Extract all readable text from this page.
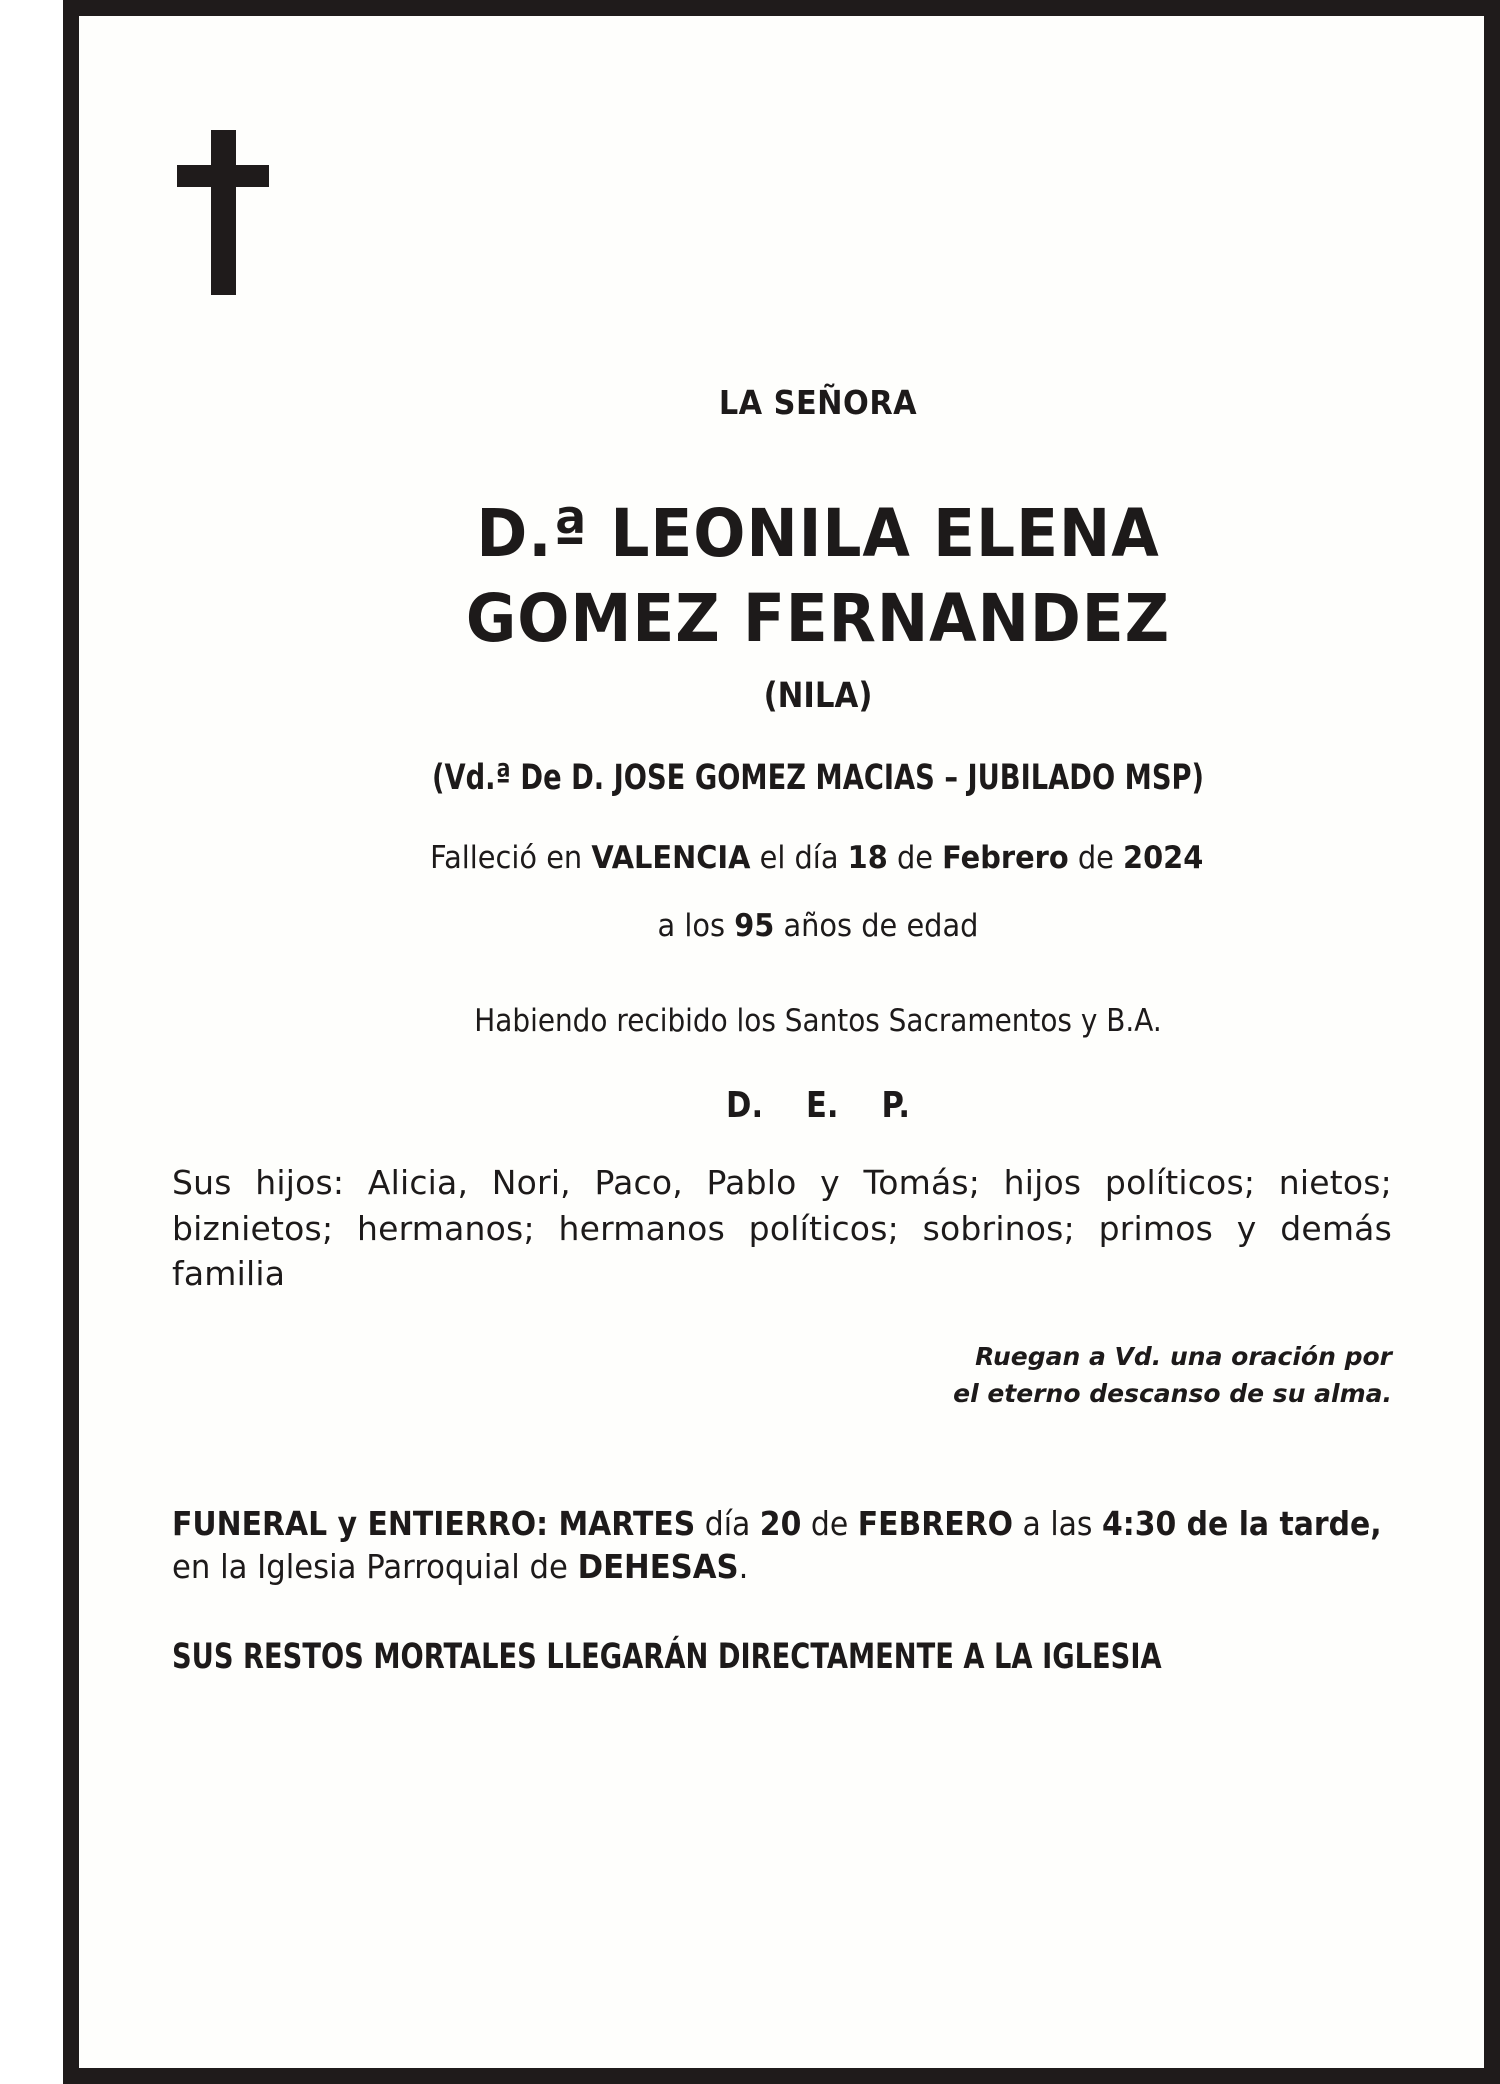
LA SEÑORA
D.ª LEONILA ELENA
GOMEZ FERNANDEZ
(NILA)
(Vd.ª De D. JOSE GOMEZ MACIAS – JUBILADO MSP)
Falleció en VALENCIA el día 18 de Febrero de 2024
a los 95 años de edad
Habiendo recibido los Santos Sacramentos y B.A.
D. E. P.
Sus hijos: Alicia, Nori, Paco, Pablo y Tomás; hijos políticos; nietos; biznietos; hermanos; hermanos políticos; sobrinos; primos y demás familia
Ruegan a Vd. una oración por
el eterno descanso de su alma.
FUNERAL y ENTIERRO: MARTES día 20 de FEBRERO a las 4:30 de la tarde,
en la Iglesia Parroquial de DEHESAS.
SUS RESTOS MORTALES LLEGARÁN DIRECTAMENTE A LA IGLESIA
